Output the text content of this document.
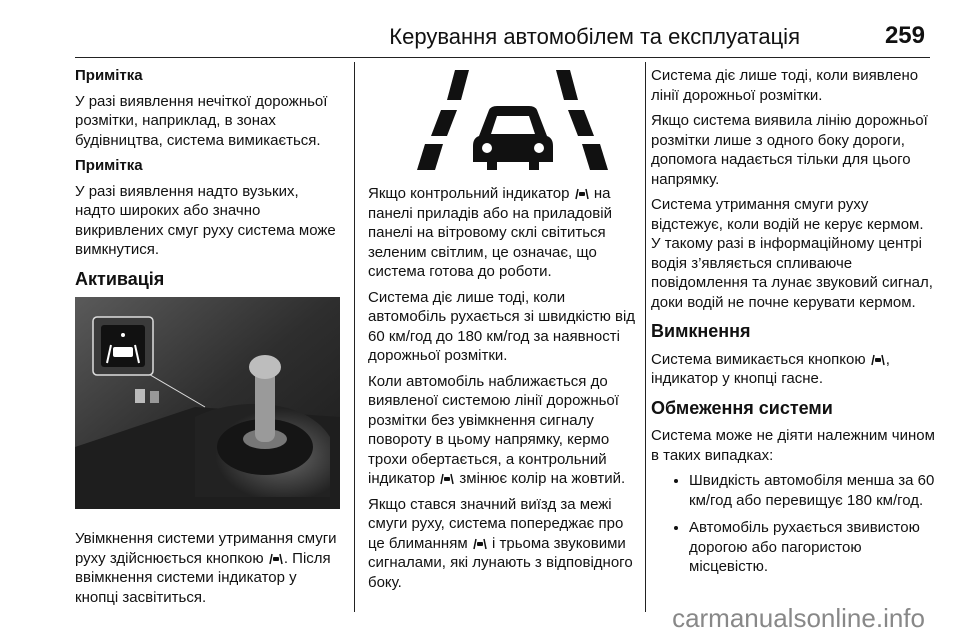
Керування автомобілем та експлуатація	259

Примітка

У разі виявлення нечіткої дорожньої розмітки, наприклад, в зонах будівництва, система вимикається.

Примітка

У разі виявлення надто вузьких, надто широких або значно викривлених смуг руху система може вимкнутися.

Активація

Увімкнення системи утримання смуги руху здійснюється кнопкою . Після ввімкнення системи індикатор у кнопці засвітиться.

Якщо контрольний індикатор  на панелі приладів або на приладовій панелі на вітровому склі світиться зеленим світлим, це означає, що система готова до роботи.

Система діє лише тоді, коли автомобіль рухається зі швидкістю від 60 км/год до 180 км/год за наявності дорожньої розмітки.

Коли автомобіль наближається до виявленої системою лінії дорожньої розмітки без увімкнення сигналу повороту в цьому напрямку, кермо трохи обертається, а контрольний індикатор  змінює колір на жовтий.

Якщо стався значний виїзд за межі смуги руху, система попереджає про це блиманням  і трьома звуковими сигналами, які лунають з відповідного боку.

Система діє лише тоді, коли виявлено лінії дорожньої розмітки.

Якщо система виявила лінію дорожньої розмітки лише з одного боку дороги, допомога надається тільки для цього напрямку.

Система утримання смуги руху відстежує, коли водій не керує кермом. У такому разі в інформаційному центрі водія з’являється спливаюче повідомлення та лунає звуковий сигнал, доки водій не почне керувати кермом.

Вимкнення

Система вимикається кнопкою , індикатор у кнопці гасне.

Обмеження системи

Система може не діяти належним чином в таких випадках:

• Швидкість автомобіля менша за 60 км/год або перевищує 180 км/год.
• Автомобіль рухається звивистою дорогою або пагористою місцевістю.
carmanualsonline.info
